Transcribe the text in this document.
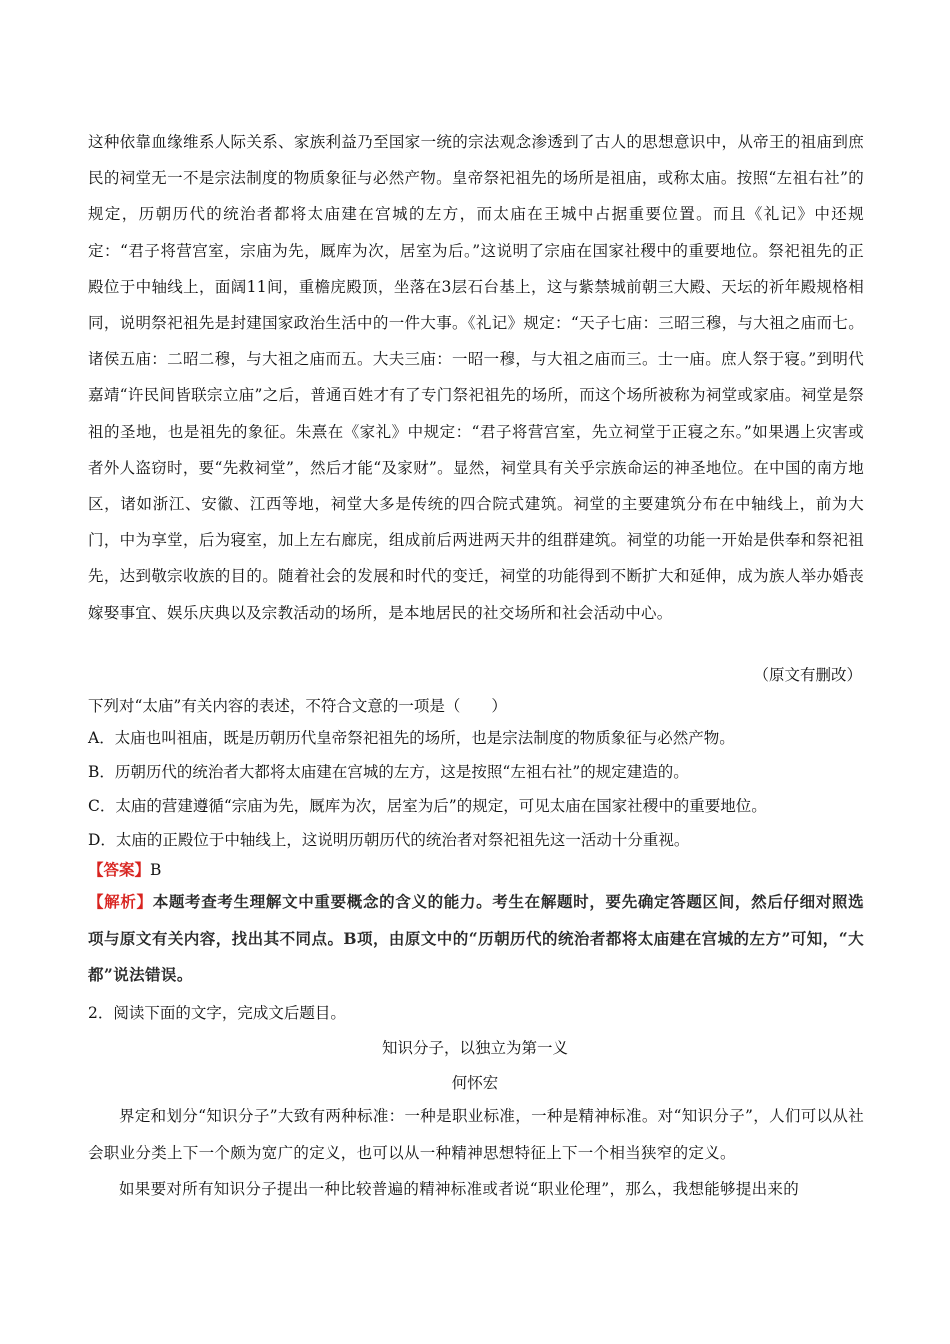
这种依靠血缘维系人际关系、家族利益乃至国家一统的宗法观念渗透到了古人的思想意识中，从帝王的祖庙到庶民的祠堂无一不是宗法制度的物质象征与必然产物。皇帝祭祀祖先的场所是祖庙，或称太庙。按照“左祖右社”的规定，历朝历代的统治者都将太庙建在宫城的左方，而太庙在王城中占据重要位置。而且《礼记》中还规定：“君子将营宫室，宗庙为先，厩库为次，居室为后。”这说明了宗庙在国家社稷中的重要地位。祭祀祖先的正殿位于中轴线上，面阔11间，重檐庑殿顶，坐落在3层石台基上，这与紫禁城前朝三大殿、天坛的祈年殿规格相同，说明祭祀祖先是封建国家政治生活中的一件大事。《礼记》规定：“天子七庙：三昭三穆，与大祖之庙而七。诸侯五庙：二昭二穆，与大祖之庙而五。大夫三庙：一昭一穆，与大祖之庙而三。士一庙。庶人祭于寝。”到明代嘉靖“许民间皆联宗立庙”之后，普通百姓才有了专门祭祀祖先的场所，而这个场所被称为祠堂或家庙。祠堂是祭祖的圣地，也是祖先的象征。朱熹在《家礼》中规定：“君子将营宫室，先立祠堂于正寝之东。”如果遇上灾害或者外人盗窃时，要“先救祠堂”，然后才能“及家财”。显然，祠堂具有关乎宗族命运的神圣地位。在中国的南方地区，诸如浙江、安徽、江西等地，祠堂大多是传统的四合院式建筑。祠堂的主要建筑分布在中轴线上，前为大门，中为享堂，后为寝室，加上左右廊庑，组成前后两进两天井的组群建筑。祠堂的功能一开始是供奉和祭祀祖先，达到敬宗收族的目的。随着社会的发展和时代的变迁，祠堂的功能得到不断扩大和延伸，成为族人举办婚丧嫁娶事宜、娱乐庆典以及宗教活动的场所，是本地居民的社交场所和社会活动中心。

（原文有删改）
下列对“太庙”有关内容的表述，不符合文意的一项是（　　）
A．太庙也叫祖庙，既是历朝历代皇帝祭祀祖先的场所，也是宗法制度的物质象征与必然产物。
B．历朝历代的统治者大都将太庙建在宫城的左方，这是按照“左祖右社”的规定建造的。
C．太庙的营建遵循“宗庙为先，厩库为次，居室为后”的规定，可见太庙在国家社稷中的重要地位。
【答案】B
【解析】本题考查考生理解文中重要概念的含义的能力。考生在解题时，要先确定答题区间，然后仔细对照选项与原文有关内容，找出其不同点。B项，由原文中的“历朝历代的统治者都将太庙建在宫城的左方”可知，“大都”说法错误。
2．阅读下面的文字，完成文后题目。
知识分子，以独立为第一义
何怀宏

界定和划分“知识分子”大致有两种标准：一种是职业标准，一种是精神标准。对“知识分子”，人们可以从社会职业分类上下一个颇为宽广的定义，也可以从一种精神思想特征上下一个相当狭窄的定义。

如果要对所有知识分子提出一种比较普遍的精神标准或者说“职业伦理”，那么，我想能够提出来的

D．太庙的正殿位于中轴线上，这说明历朝历代的统治者对祭祀祖先这一活动十分重视。
